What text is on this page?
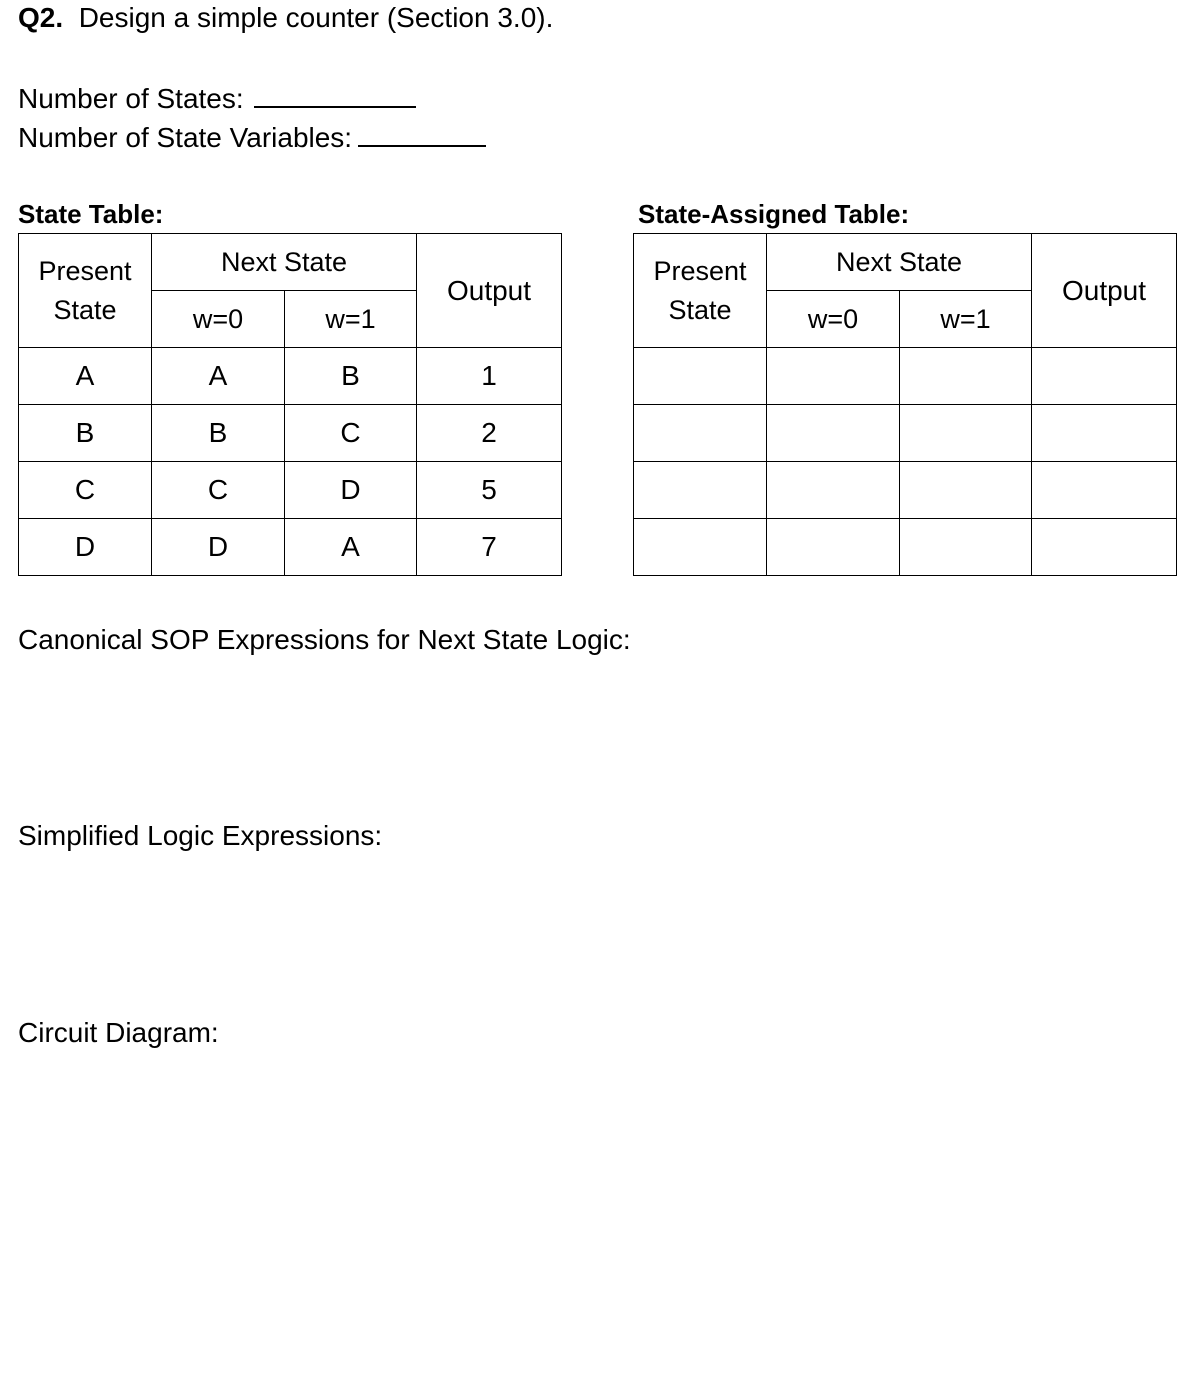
Q2. Design a simple counter (Section 3.0).
Number of States:
Number of State Variables:
State Table:
Present
State	Next State		Output
	w=0	w=1	
A	A	B	1
B	B	C	2
C	C	D	5
D	D	A	7
State-Assigned Table:
Present
State	Next State		Output
	w=0	w=1	

Canonical SOP Expressions for Next State Logic:
Simplified Logic Expressions:
Circuit Diagram:
